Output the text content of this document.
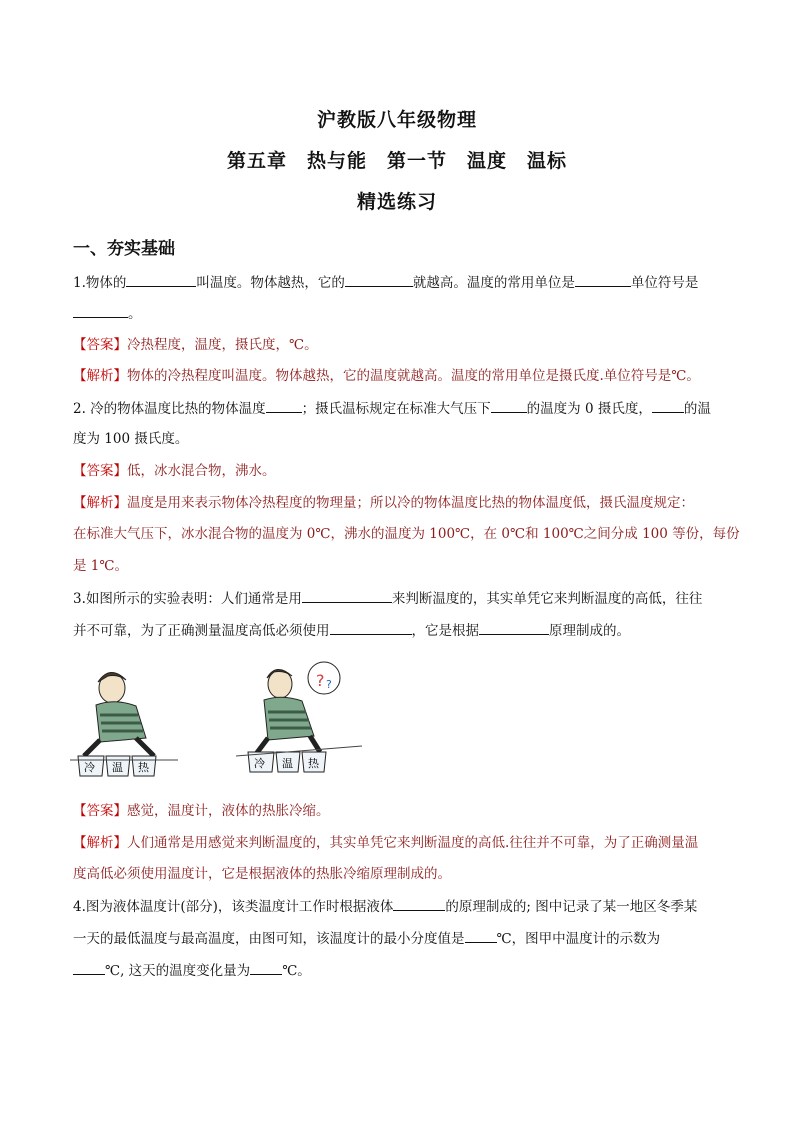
沪教版八年级物理
第五章　热与能　第一节　温度　温标
精选练习
一、夯实基础
1.物体的	叫温度。物体越热，它的	就越高。温度的常用单位是	单位符号是
。
【答案】冷热程度，温度，摄氏度，℃。
【解析】物体的冷热程度叫温度。物体越热，它的温度就越高。温度的常用单位是摄氏度.单位符号是℃。
2. 冷的物体温度比热的物体温度	；摄氏温标规定在标准大气压下	的温度为 0 摄氏度， 的温
度为 100 摄氏度。
【答案】低，冰水混合物，沸水。
【解析】温度是用来表示物体冷热程度的物理量；所以冷的物体温度比热的物体温度低，摄氏温度规定：
在标准大气压下，冰水混合物的温度为 0℃，沸水的温度为 100℃，在 0℃和 100℃之间分成 100 等份，每份
是 1℃。
3.如图所示的实验表明：人们通常是用	来判断温度的，其实单凭它来判断温度的高低，往往
并不可靠，为了正确测量温度高低必须使用	，它是根据	原理制成的。
冷 温 热
? ?
冷 温 热
【答案】感觉，温度计，液体的热胀冷缩。
【解析】人们通常是用感觉来判断温度的，其实单凭它来判断温度的高低.往往并不可靠，为了正确测量温
度高低必须使用温度计，它是根据液体的热胀冷缩原理制成的。
4.图为液体温度计(部分)，该类温度计工作时根据液体	的原理制成的; 图中记录了某一地区冬季某
一天的最低温度与最高温度，由图可知，该温度计的最小分度值是 ℃，图甲中温度计的示数为
℃, 这天的温度变化量为 ℃。
